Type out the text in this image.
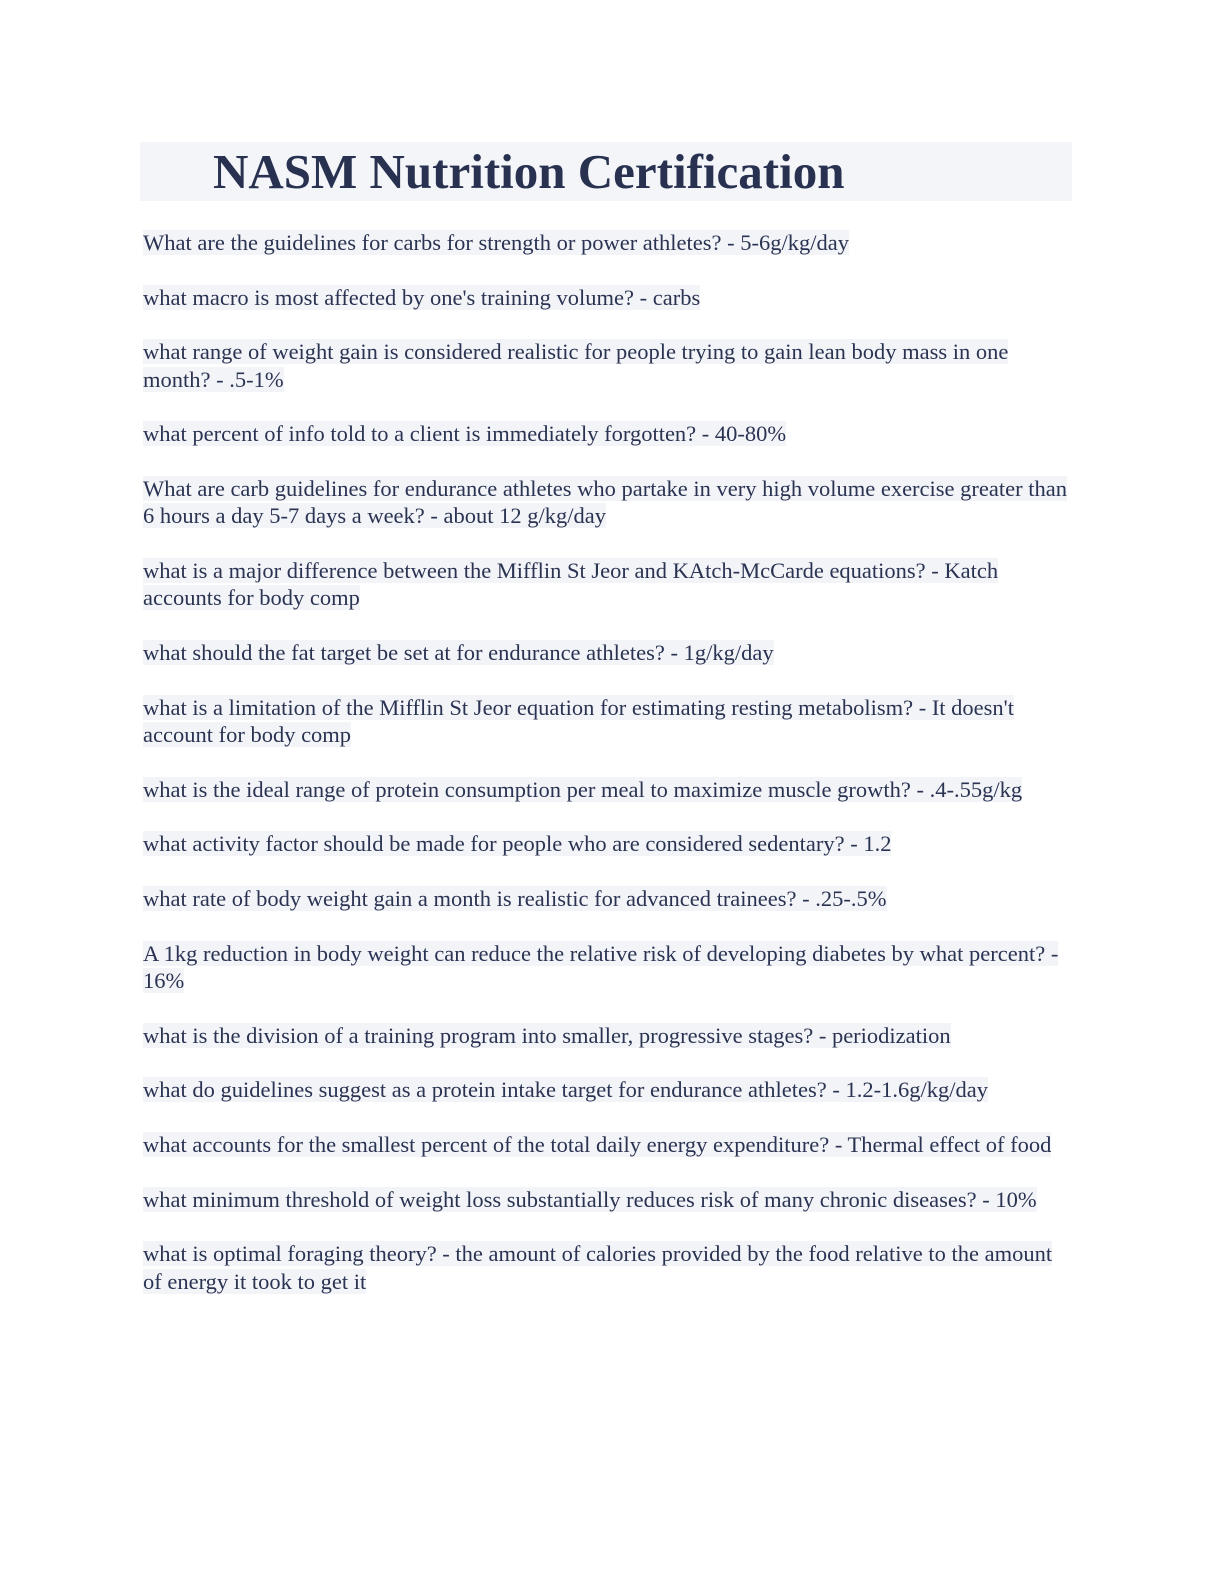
NASM Nutrition Certification
What are the guidelines for carbs for strength or power athletes? - 5-6g/kg/day
what macro is most affected by one's training volume? - carbs
what range of weight gain is considered realistic for people trying to gain lean body mass in one month? - .5-1%
what percent of info told to a client is immediately forgotten? - 40-80%
What are carb guidelines for endurance athletes who partake in very high volume exercise greater than 6 hours a day 5-7 days a week? - about 12 g/kg/day
what is a major difference between the Mifflin St Jeor and KAtch-McCarde equations? - Katch accounts for body comp
what should the fat target be set at for endurance athletes? - 1g/kg/day
what is a limitation of the Mifflin St Jeor equation for estimating resting metabolism? - It doesn't account for body comp
what is the ideal range of protein consumption per meal to maximize muscle growth? - .4-.55g/kg
what activity factor should be made for people who are considered sedentary? - 1.2
what rate of body weight gain a month is realistic for advanced trainees? - .25-.5%
A 1kg reduction in body weight can reduce the relative risk of developing diabetes by what percent? - 16%
what is the division of a training program into smaller, progressive stages? - periodization
what do guidelines suggest as a protein intake target for endurance athletes? - 1.2-1.6g/kg/day
what accounts for the smallest percent of the total daily energy expenditure? - Thermal effect of food
what minimum threshold of weight loss substantially reduces risk of many chronic diseases? - 10%
what is optimal foraging theory? - the amount of calories provided by the food relative to the amount of energy it took to get it
